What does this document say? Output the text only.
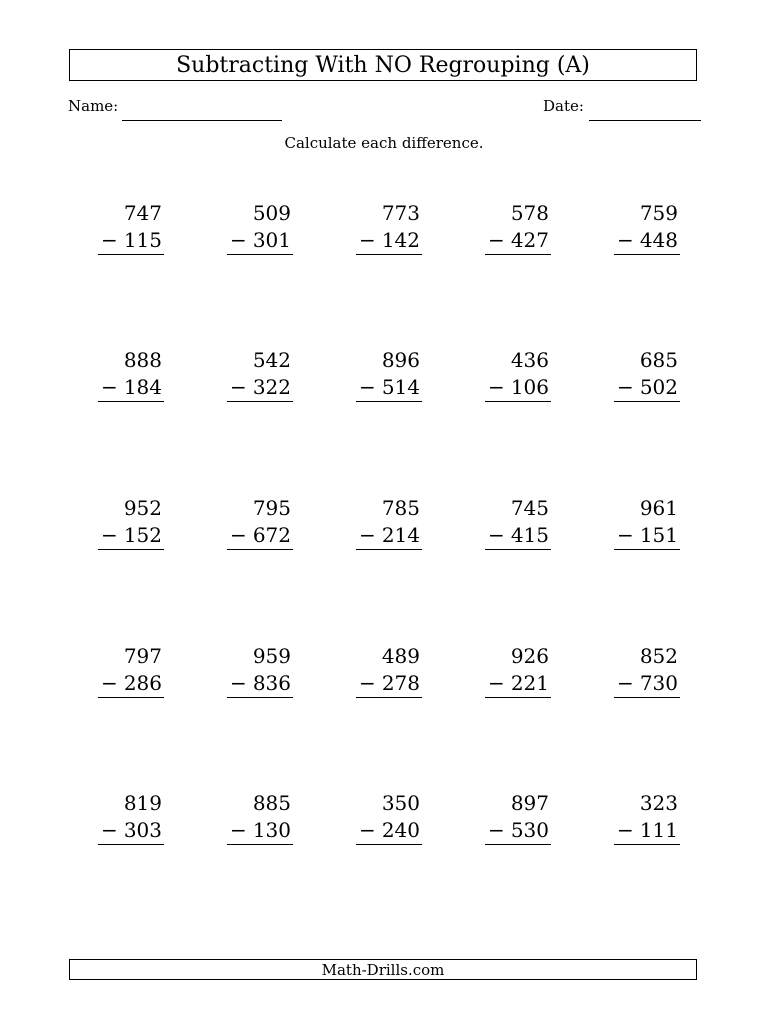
Subtracting With NO Regrouping (A)
Name:	Date:
Calculate each difference.
747
− 115
509
− 301
773
− 142
578
− 427
759
− 448
888
− 184
542
− 322
896
− 514
436
− 106
685
− 502
952
− 152
795
− 672
785
− 214
745
− 415
961
− 151
797
− 286
959
− 836
489
− 278
926
− 221
852
− 730
819
− 303
885
− 130
350
− 240
897
− 530
323
− 111
Math-Drills.com
